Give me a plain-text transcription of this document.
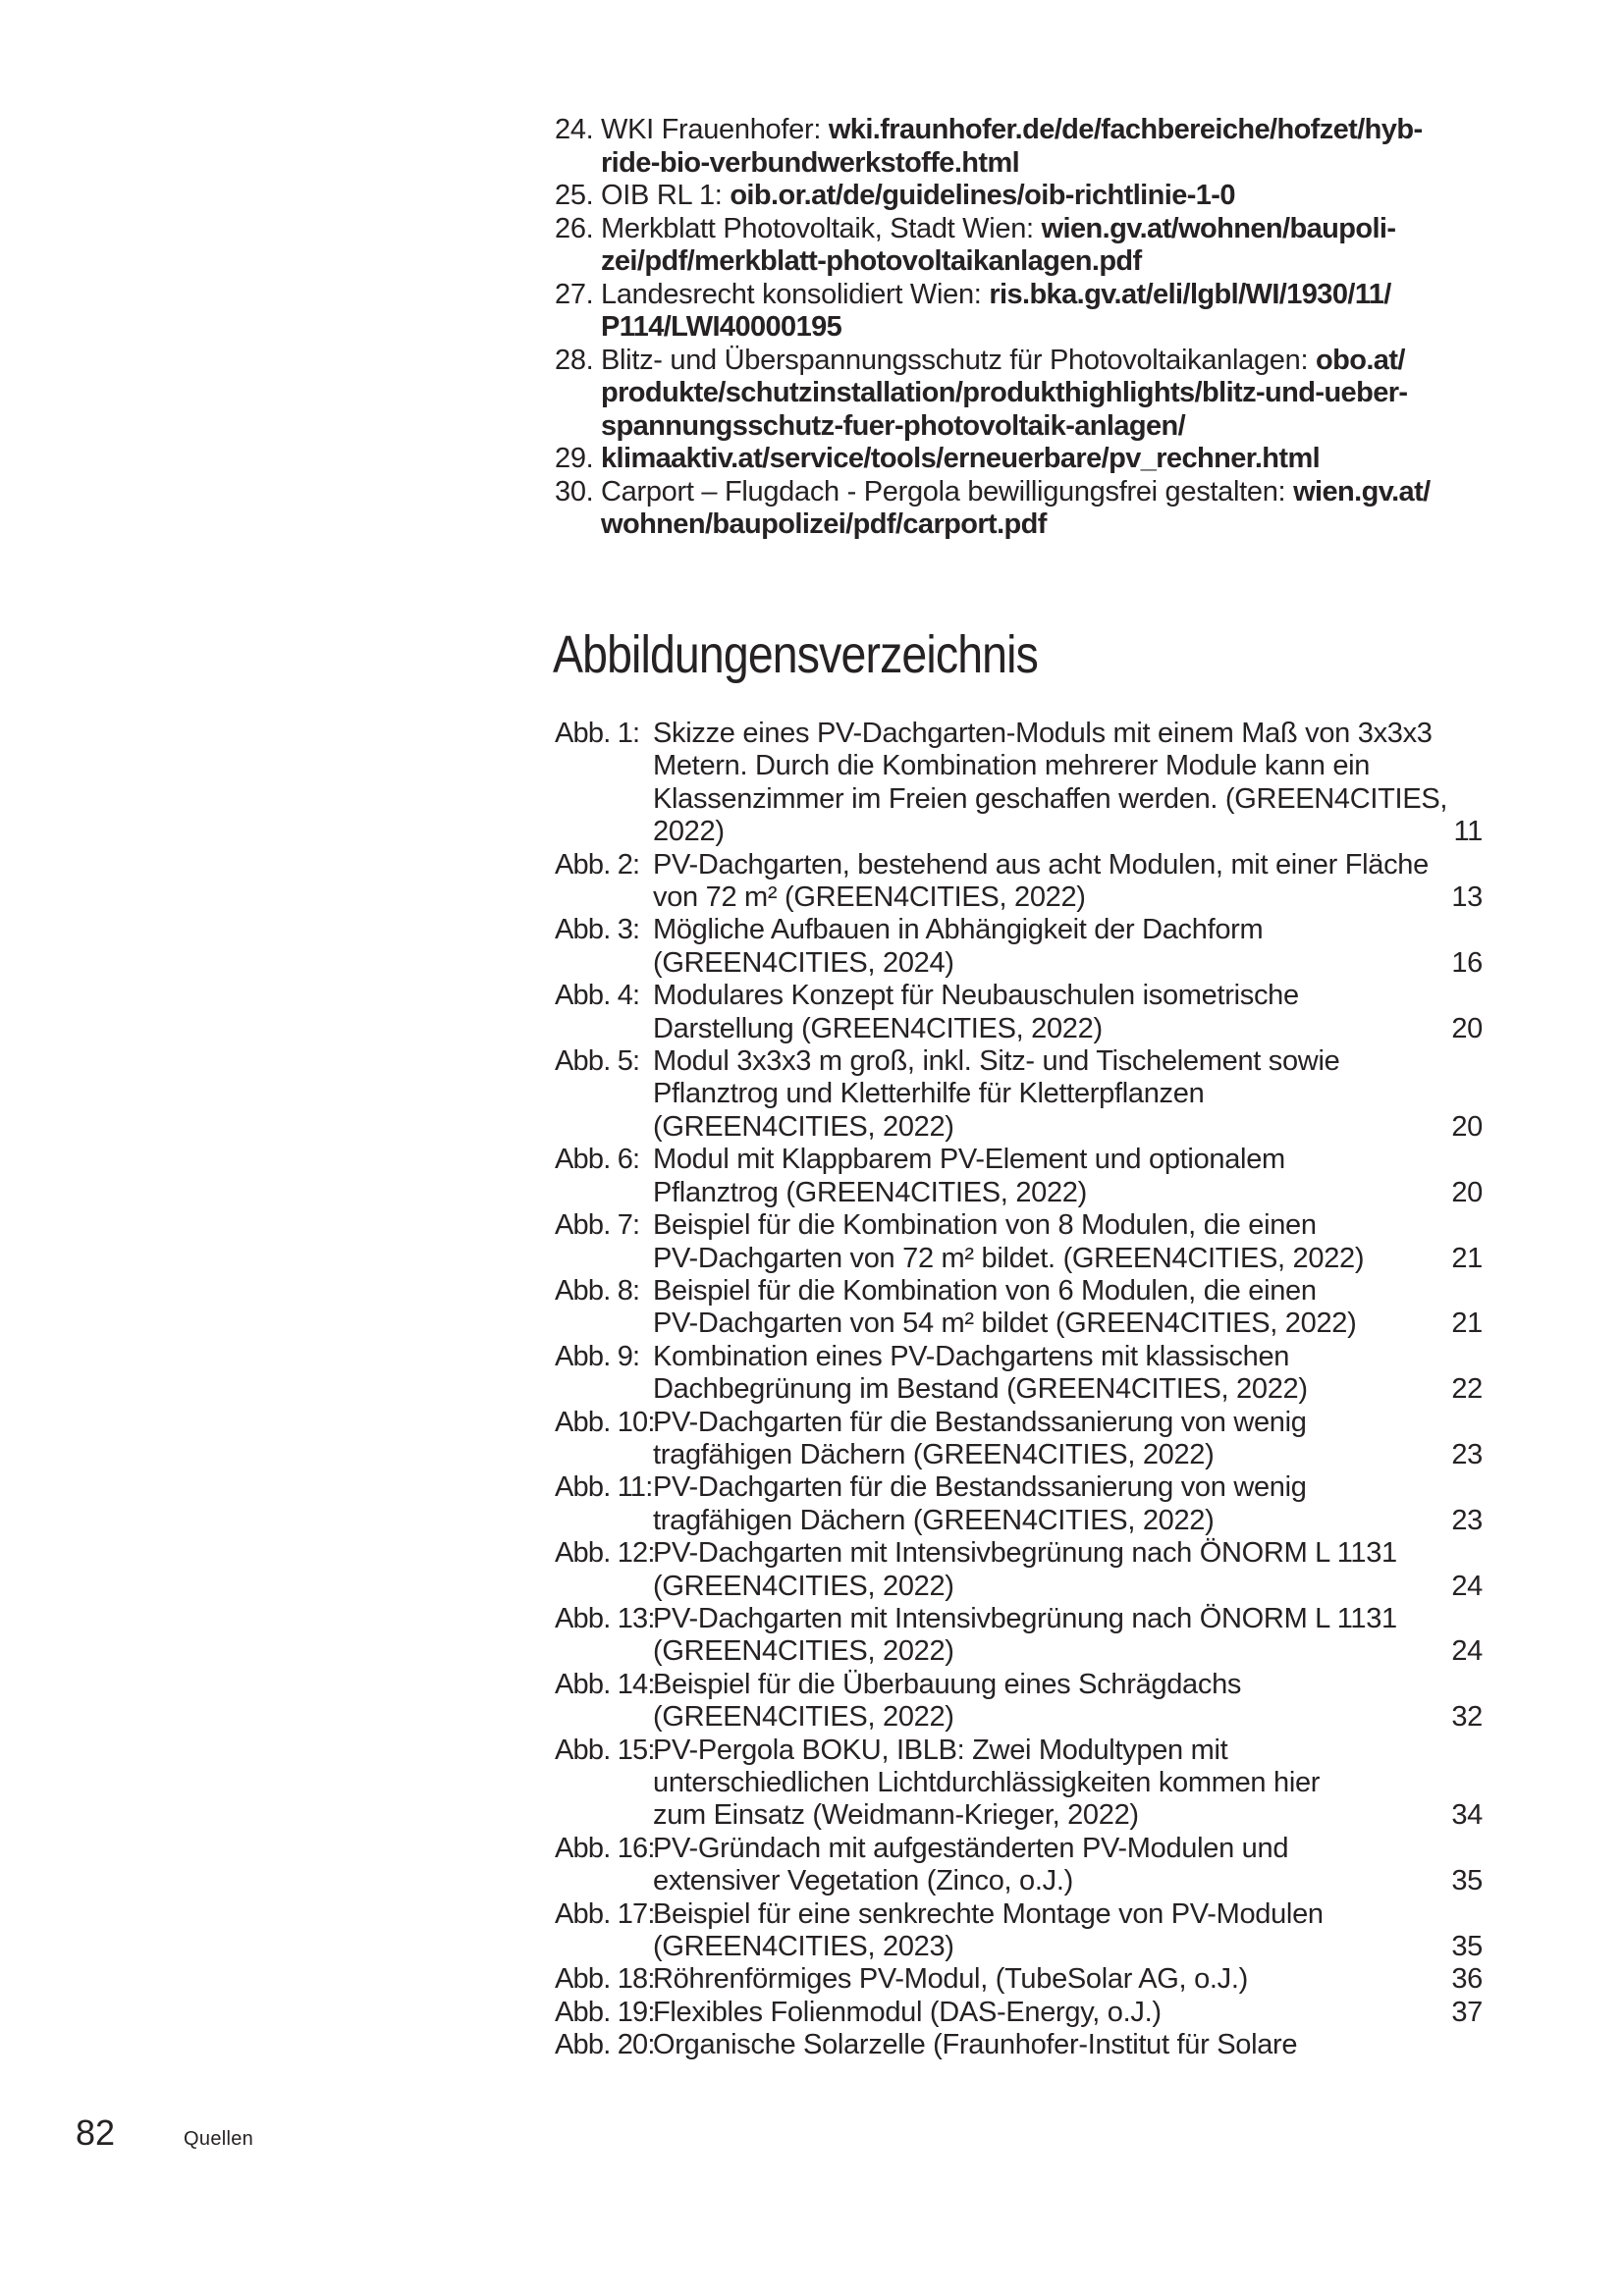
24. WKI Frauenhofer: wki.fraunhofer.de/de/fachbereiche/hofzet/hyb-
ride-bio-verbundwerkstoffe.html
25. OIB RL 1: oib.or.at/de/guidelines/oib-richtlinie-1-0
26. Merkblatt Photovoltaik, Stadt Wien: wien.gv.at/wohnen/baupoli-
zei/pdf/merkblatt-photovoltaikanlagen.pdf
27. Landesrecht konsolidiert Wien: ris.bka.gv.at/eli/lgbl/WI/1930/11/
P114/LWI40000195
28. Blitz- und Überspannungsschutz für Photovoltaikanlagen: obo.at/
produkte/schutzinstallation/produkthighlights/blitz-und-ueber-
spannungsschutz-fuer-photovoltaik-anlagen/
29. klimaaktiv.at/service/tools/erneuerbare/pv_rechner.html
30. Carport – Flugdach - Pergola bewilligungsfrei gestalten: wien.gv.at/
wohnen/baupolizei/pdf/carport.pdf
Abbildungensverzeichnis
Abb. 1: Skizze eines PV-Dachgarten-Moduls mit einem Maß von 3x3x3
Metern. Durch die Kombination mehrerer Module kann ein
Klassenzimmer im Freien geschaffen werden. (GREEN4CITIES,
2022)	11
Abb. 2: PV-Dachgarten, bestehend aus acht Modulen, mit einer Fläche
von 72 m² (GREEN4CITIES, 2022)	13
Abb. 3: Mögliche Aufbauen in Abhängigkeit der Dachform
(GREEN4CITIES, 2024)	16
Abb. 4: Modulares Konzept für Neubauschulen isometrische
Darstellung (GREEN4CITIES, 2022)	20
Abb. 5: Modul 3x3x3 m groß, inkl. Sitz- und Tischelement sowie
Pflanztrog und Kletterhilfe für Kletterpflanzen
(GREEN4CITIES, 2022)	20
Abb. 6: Modul mit Klappbarem PV-Element und optionalem
Pflanztrog (GREEN4CITIES, 2022)	20
Abb. 7: Beispiel für die Kombination von 8 Modulen, die einen
PV-Dachgarten von 72 m² bildet. (GREEN4CITIES, 2022)	21
Abb. 8: Beispiel für die Kombination von 6 Modulen, die einen
PV-Dachgarten von 54 m² bildet (GREEN4CITIES, 2022)	21
Abb. 9: Kombination eines PV-Dachgartens mit klassischen
Dachbegrünung im Bestand (GREEN4CITIES, 2022)	22
Abb. 10:
PV-Dachgarten für die Bestandssanierung von wenig
tragfähigen Dächern (GREEN4CITIES, 2022)	23
Abb. 11: PV-Dachgarten für die Bestandssanierung von wenig
tragfähigen Dächern (GREEN4CITIES, 2022)	23
Abb. 12:
PV-Dachgarten mit Intensivbegrünung nach ÖNORM L 1131
(GREEN4CITIES, 2022)	24
Abb. 13:
PV-Dachgarten mit Intensivbegrünung nach ÖNORM L 1131
(GREEN4CITIES, 2022)	24
Abb. 14:
Beispiel für die Überbauung eines Schrägdachs
(GREEN4CITIES, 2022)	32
Abb. 15:
PV-Pergola BOKU, IBLB: Zwei Modultypen mit
unterschiedlichen Lichtdurchlässigkeiten kommen hier
zum Einsatz (Weidmann-Krieger, 2022)	34
Abb. 16:
PV-Gründach mit aufgeständerten PV-Modulen und
extensiver Vegetation (Zinco, o.J.)	35
Abb. 17:
Beispiel für eine senkrechte Montage von PV-Modulen
(GREEN4CITIES, 2023)	35
Abb. 18:
Röhrenförmiges PV-Modul, (TubeSolar AG, o.J.)	36
Abb. 19:
Flexibles Folienmodul (DAS-Energy, o.J.)	37
Abb. 20:
Organische Solarzelle (Fraunhofer-Institut für Solare
82	Quellen
